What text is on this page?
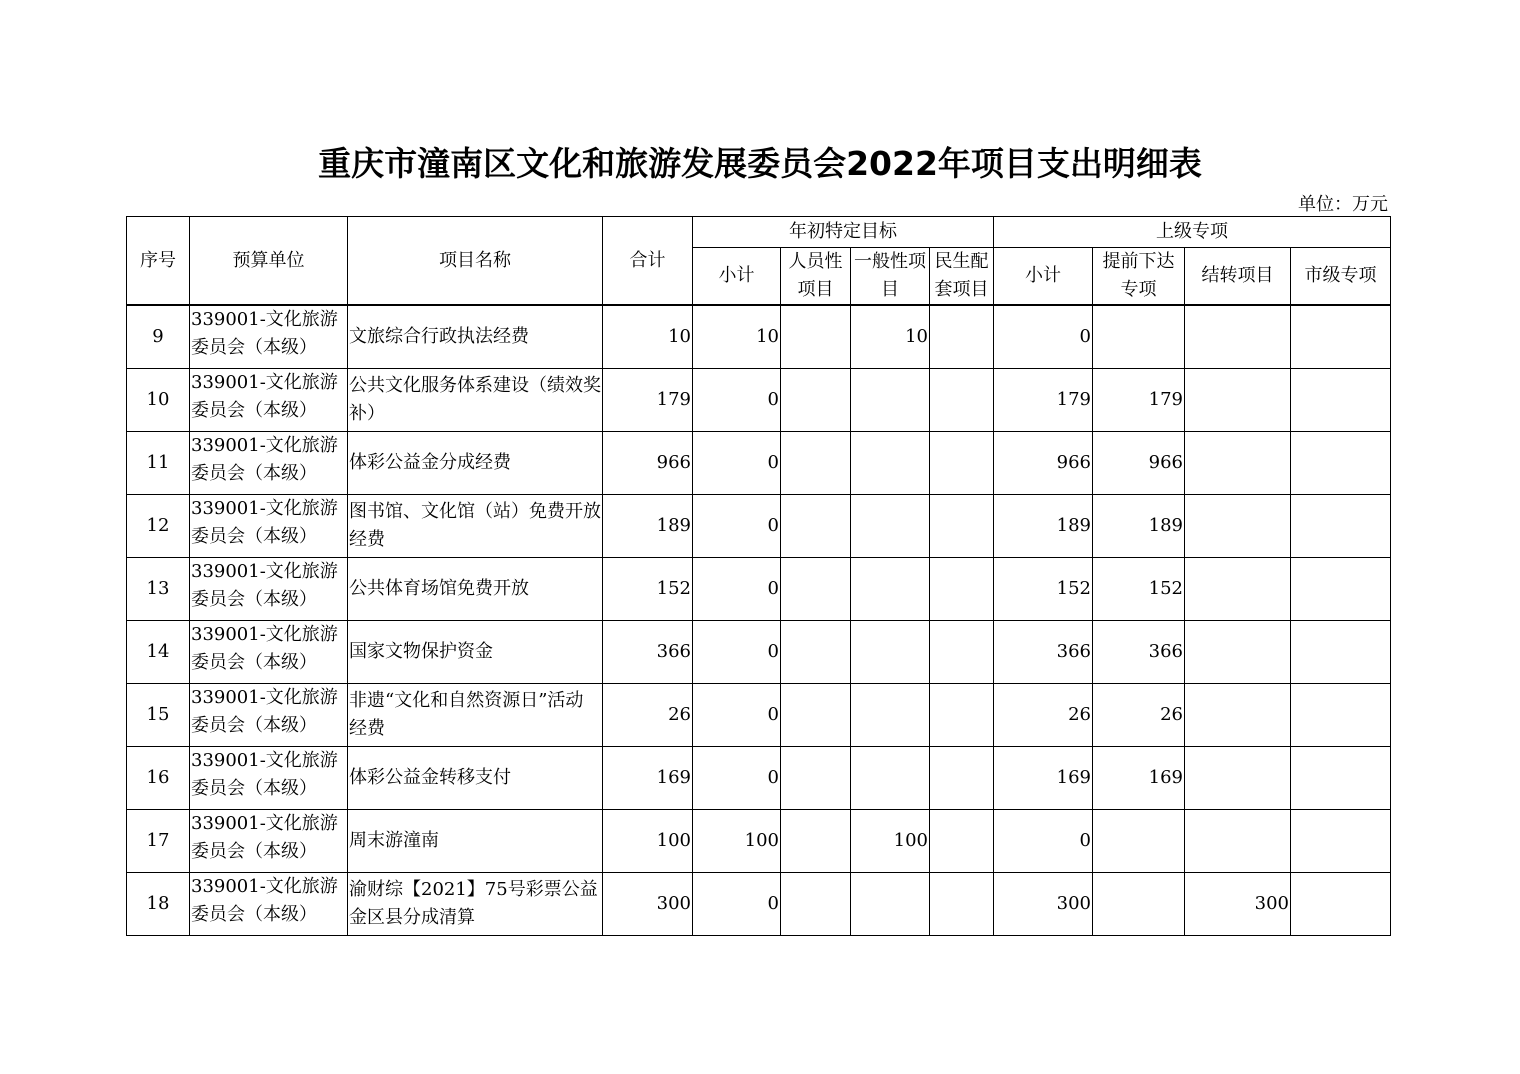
重庆市潼南区文化和旅游发展委员会2022年项目支出明细表
单位：万元
序号	预算单位	项目名称	合计	年初特定目标				上级专项			
				小计	人员性项目	一般性项目	民生配套项目	小计	提前下达专项	结转项目	市级专项
9	339001-文化旅游委员会（本级）	文旅综合行政执法经费	10	10		10		0			
10	339001-文化旅游委员会（本级）	公共文化服务体系建设（绩效奖补）	179	0				179	179		
11	339001-文化旅游委员会（本级）	体彩公益金分成经费	966	0				966	966		
12	339001-文化旅游委员会（本级）	图书馆、文化馆（站）免费开放经费	189	0				189	189		
13	339001-文化旅游委员会（本级）	公共体育场馆免费开放	152	0				152	152		
14	339001-文化旅游委员会（本级）	国家文物保护资金	366	0				366	366		
15	339001-文化旅游委员会（本级）	非遗“文化和自然资源日”活动经费	26	0				26	26		
16	339001-文化旅游委员会（本级）	体彩公益金转移支付	169	0				169	169		
17	339001-文化旅游委员会（本级）	周末游潼南	100	100		100		0			
18	339001-文化旅游委员会（本级）	渝财综【2021】75号彩票公益金区县分成清算	300	0				300		300	
